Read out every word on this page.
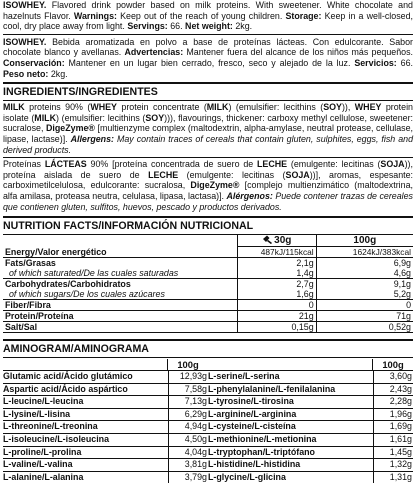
ISOWHEY. Flavored drink powder based on milk proteins. With sweetener. White chocolate and hazelnuts Flavor. Warnings: Keep out of the reach of young children. Storage: Keep in a well-closed, cool, dry place away from light. Servings: 66. Net weight: 2kg.

ISOWHEY. Bebida aromatizada en polvo a base de proteínas lácteas. Con edulcorante. Sabor chocolate blanco y avellanas. Advertencias: Mantener fuera del alcance de los niños más pequeños. Conservación: Mantener en un lugar bien cerrado, fresco, seco y alejado de la luz. Servicios: 66. Peso neto: 2kg.

INGREDIENTS/INGREDIENTES

MILK proteins 90% (WHEY protein concentrate (MILK) (emulsifier: lecithins (SOY)), WHEY protein isolate (MILK) (emulsifier: lecithins (SOY))), flavourings, thickener: carboxy methyl cellulose, sweetener: sucralose, DigeZyme® [multienzyme complex (maltodextrin, alpha-amylase, neutral protease, cellulase, lipase, lactase)]. Allergens: May contain traces of cereals that contain gluten, sulphites, eggs, fish and derived products.

Proteínas LÁCTEAS 90% [proteína concentrada de suero de LECHE (emulgente: lecitinas (SOJA)), proteína aislada de suero de LECHE (emulgente: lecitinas (SOJA))], aromas, espesante: carboximetilcelulosa, edulcorante: sucralosa, DigeZyme® [complejo multienzimático (maltodextrina, alfa amilasa, proteasa neutra, celulasa, lipasa, lactasa)]. Alérgenos: Puede contener trazas de cereales que contienen gluten, sulfitos, huevos, pescado y productos derivados.

NUTRITION FACTS/INFORMACIÓN NUTRICIONAL
	30g	100g
Energy/Valor energético	487kJ/115kcal	1624kJ/383kcal
Fats/Grasas	2,1g	6,9g
of which saturated/De las cuales saturadas	1,4g	4,6g
Carbohydrates/Carbohidratos	2,7g	9,1g
of which sugars/De los cuales azúcares	1,6g	5,2g
Fiber/Fibra	0	0
Protein/Proteína	21g	71g
Salt/Sal	0,15g	0,52g
AMINOGRAM/AMINOGRAMA
100g
Glutamic acid/Ácido glutámico	12,93g
Aspartic acid/Ácido aspártico	7,58g
L-leucine/L-leucina	7,13g
L-lysine/L-lisina	6,29g
L-threonine/L-treonina	4,94g
L-isoleucine/L-isoleucina	4,50g
L-proline/L-prolina	4,04g
L-valine/L-valina	3,81g
L-alanine/L-alanina	3,79g
100g
L-serine/L-serina	3,60g
L-phenylalanine/L-fenilalanina	2,43g
L-tyrosine/L-tirosina	2,28g
L-arginine/L-arginina	1,96g
L-cysteine/L-cisteína	1,69g
L-methionine/L-metionina	1,61g
L-tryptophan/L-triptófano	1,45g
L-histidine/L-histidina	1,32g
L-glycine/L-glicina	1,31g
